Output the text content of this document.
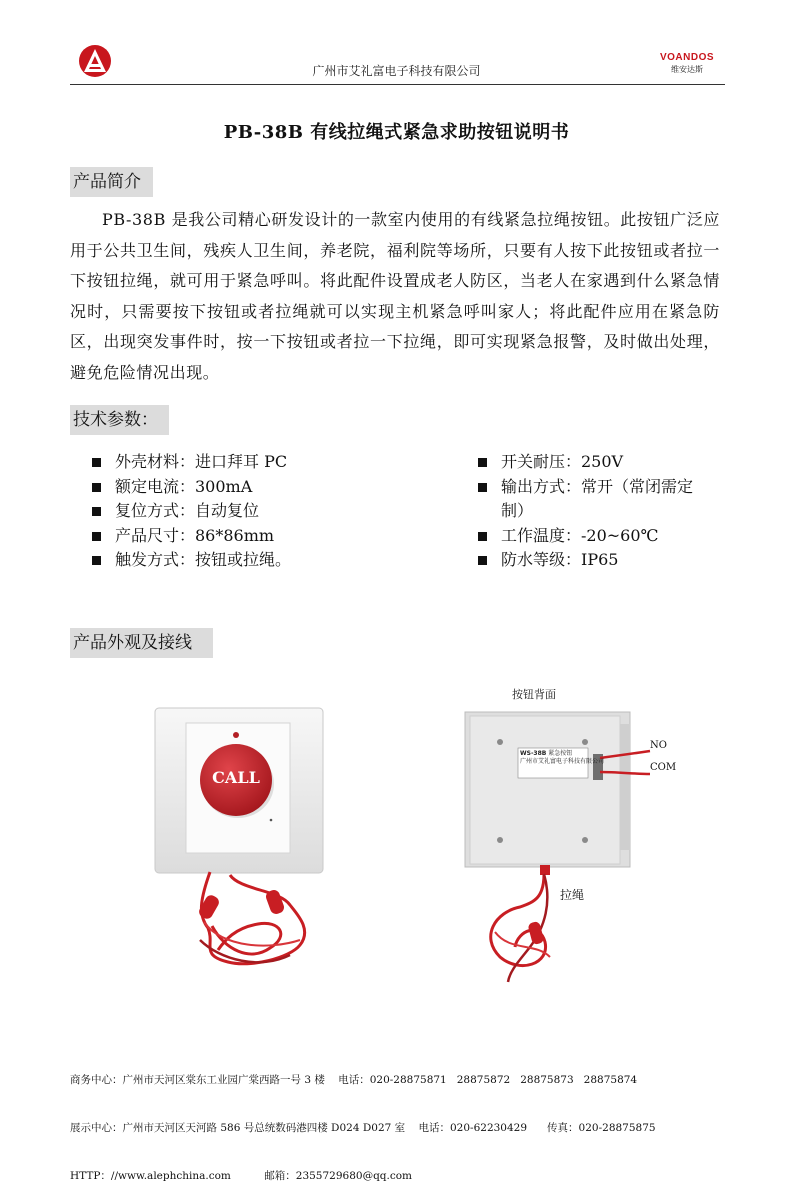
广州市艾礼富电子科技有限公司
VOANDOS
维安达斯
PB-38B 有线拉绳式紧急求助按钮说明书
产品简介
PB-38B 是我公司精心研发设计的一款室内使用的有线紧急拉绳按钮。此按钮广泛应用于公共卫生间，残疾人卫生间，养老院，福利院等场所，只要有人按下此按钮或者拉一下按钮拉绳，就可用于紧急呼叫。将此配件设置成老人防区，当老人在家遇到什么紧急情况时，只需要按下按钮或者拉绳就可以实现主机紧急呼叫家人；将此配件应用在紧急防区，出现突发事件时，按一下按钮或者拉一下拉绳，即可实现紧急报警，及时做出处理，避免危险情况出现。
技术参数：
外壳材料：进口拜耳 PC
额定电流：300mA
复位方式：自动复位
产品尺寸：86*86mm
触发方式：按钮或拉绳。
开关耐压：250V
输出方式：常开（常闭需定制）
工作温度：-20~60℃
防水等级：IP65
产品外观及接线
CALL
按钮背面
WS-38B 紧急按钮
广州市艾礼富电子科技有限公司
NO
COM
拉绳

商务中心：广州市天河区棠东工业园广棠西路一号 3 楼    电话：020-28875871   28875872   28875873   28875874

展示中心：广州市天河区天河路 586 号总统数码港四楼 D024 D027 室    电话：020-62230429      传真：020-28875875

HTTP：//www.alephchina.com          邮箱：2355729680@qq.com
